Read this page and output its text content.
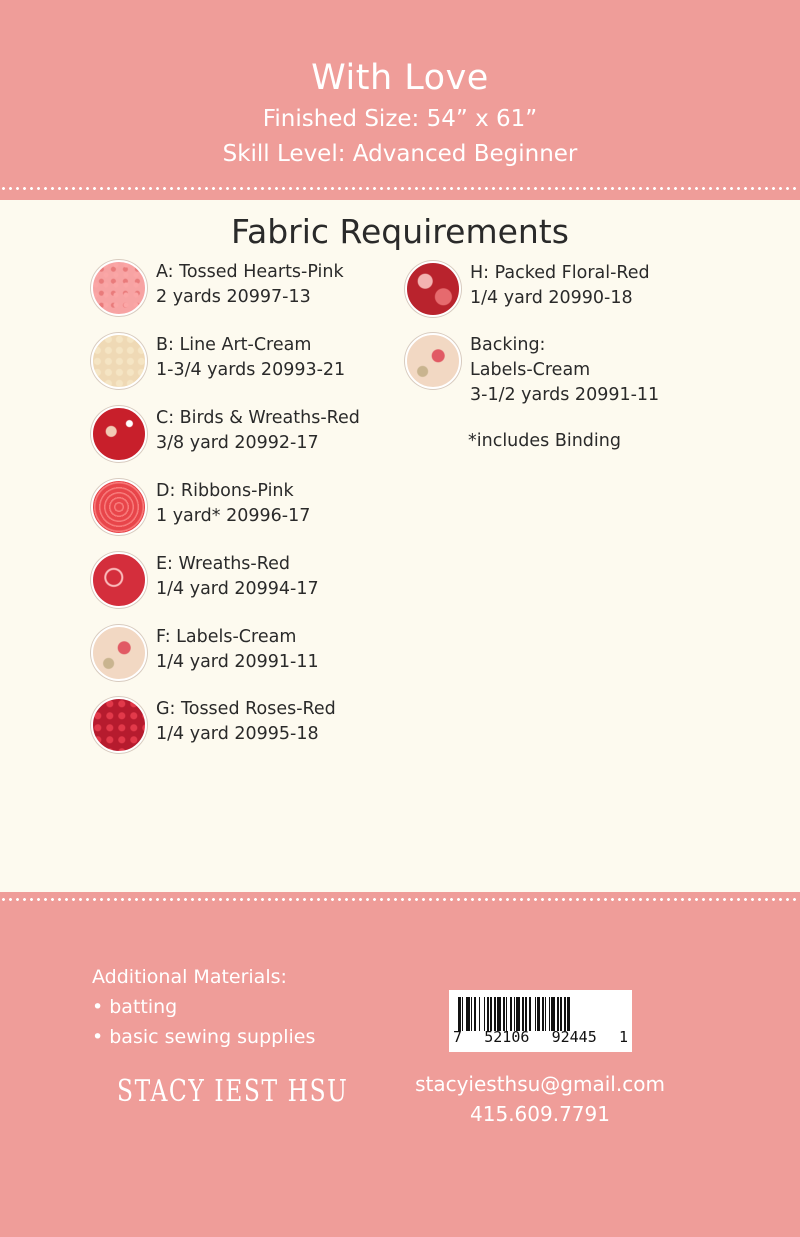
With Love
Finished Size: 54” x 61”
Skill Level: Advanced Beginner
Fabric Requirements
A: Tossed Hearts-Pink
2 yards 20997-13
B: Line Art-Cream
1-3/4 yards 20993-21
C: Birds & Wreaths-Red
3/8 yard 20992-17
D: Ribbons-Pink
1 yard* 20996-17
E: Wreaths-Red
1/4 yard 20994-17
F: Labels-Cream
1/4 yard 20991-11
G: Tossed Roses-Red
1/4 yard 20995-18
H: Packed Floral-Red
1/4 yard 20990-18
Backing:
Labels-Cream
3-1/2 yards 20991-11
*includes Binding
Additional Materials:
• batting
• basic sewing supplies
STACY IEST HSU
7 52106 92445 1
stacyiesthsu@gmail.com
415.609.7791
